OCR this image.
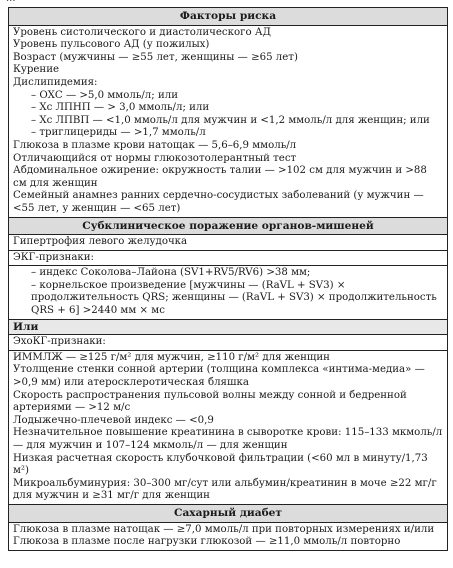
Факторы риска

Уровень систолического и диастолического АД
Уровень пульсового АД (у пожилых)
Возраст (мужчины — ≥55 лет, женщины — ≥65 лет)
Курение
Дислипидемия:
– ОХС — >5,0 ммоль/л; или
– Хс ЛПНП — > 3,0 ммоль/л; или
– Хс ЛПВП — <1,0 ммоль/л для мужчин и <1,2 ммоль/л для женщин; или
– триглицериды — >1,7 ммоль/л
Глюкоза в плазме крови натощак — 5,6–6,9 ммоль/л
Отличающийся от нормы глюкозотолерантный тест
Абдоминальное ожирение: окружность талии — >102 см для мужчин и >88 см для женщин
Семейный анамнез ранних сердечно-сосудистых заболеваний (у мужчин — <55 лет, у женщин — <65 лет)

Субклиническое поражение органов-мишеней
Гипертрофия левого желудочка
ЭКГ-признаки:

– индекс Соколова–Лайона (SV1+RV5/RV6) >38 мм;
– корнельское произведение [мужчины — (RaVL + SV3) × продолжительность QRS; женщины — (RaVL + SV3) × продолжительность QRS + 6] >2440 мм × мс

Или
ЭхоКГ-признаки:

ИММЛЖ — ≥125 г/м² для мужчин, ≥110 г/м² для женщин
Утолщение стенки сонной артерии (толщина комплекса «интима-медиа» — >0,9 мм) или атеросклеротическая бляшка
Скорость распространения пульсовой волны между сонной и бедренной артериями — >12 м/с
Лодыжечно-плечевой индекс — <0,9
Незначительное повышение креатинина в сыворотке крови: 115–133 мкмоль/л — для мужчин и 107–124 мкмоль/л — для женщин
Низкая расчетная скорость клубочковой фильтрации (<60 мл в минуту/1,73 м²)
Микроальбуминурия: 30–300 мг/сут или альбумин/креатинин в моче ≥22 мг/г для мужчин и ≥31 мг/г для женщин

Сахарный диабет

Глюкоза в плазме натощак — ≥7,0 ммоль/л при повторных измерениях и/или
Глюкоза в плазме после нагрузки глюкозой — ≥11,0 ммоль/л повторно
